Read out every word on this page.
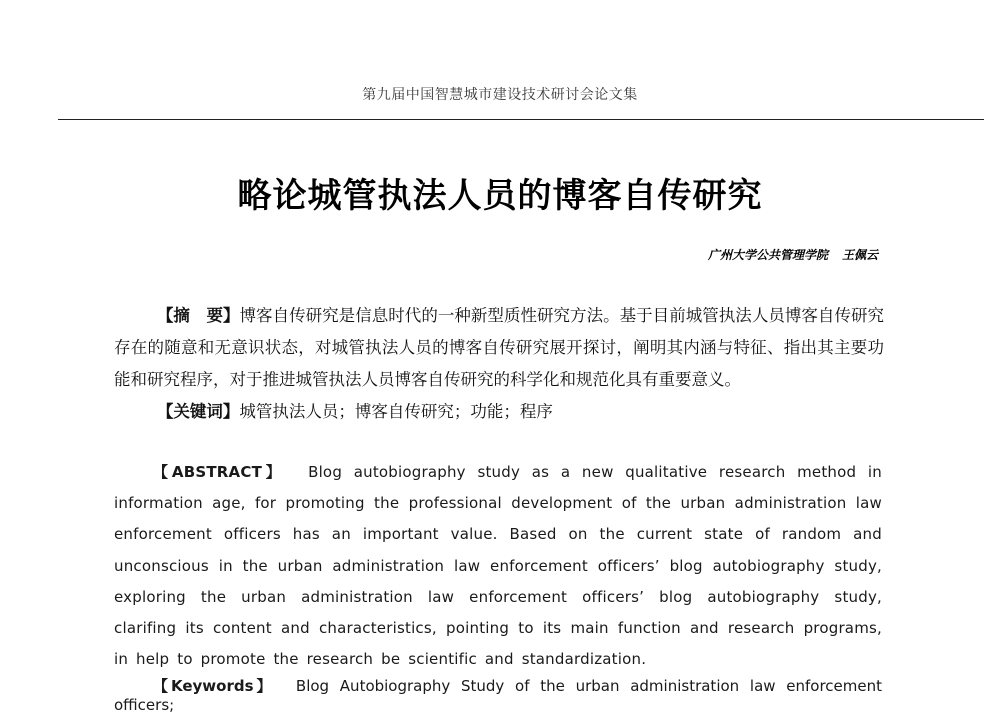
第九届中国智慧城市建设技术研讨会论文集
略论城管执法人员的博客自传研究
广州大学公共管理学院 王佩云

【摘　要】博客自传研究是信息时代的一种新型质性研究方法。基于目前城管执法人员博客自传研究存在的随意和无意识状态，对城管执法人员的博客自传研究展开探讨，阐明其内涵与特征、指出其主要功能和研究程序，对于推进城管执法人员博客自传研究的科学化和规范化具有重要意义。

【关键词】城管执法人员；博客自传研究；功能；程序

【ABSTRACT】 Blog autobiography study as a new qualitative research method in information age, for promoting the professional development of the urban administration law enforcement officers has an important value. Based on the current state of random and unconscious in the urban administration law enforcement officers’ blog autobiography study, exploring the urban administration law enforcement officers’ blog autobiography study, clarifing its content and characteristics, pointing to its main function and research programs, in help to promote the research be scientific and standardization.

【Keywords】 Blog Autobiography Study of the urban administration law enforcement officers;
